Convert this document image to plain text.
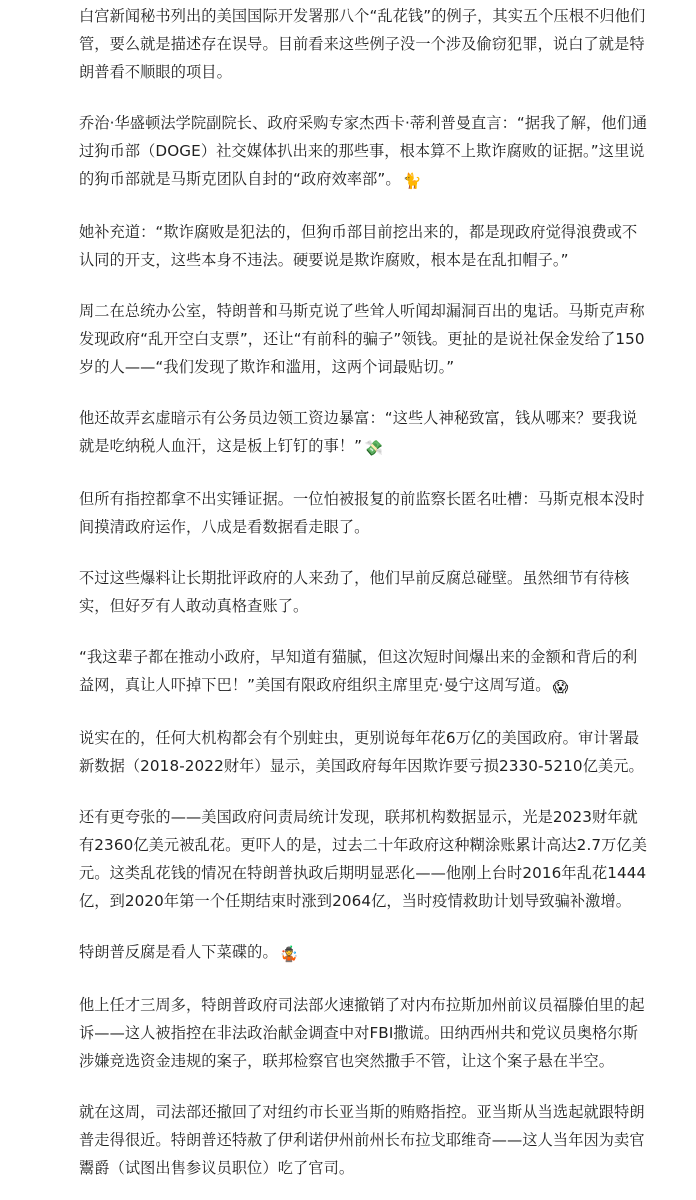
白宫新闻秘书列出的美国国际开发署那八个“乱花钱”的例子，其实五个压根不归他们管，要么就是描述存在误导。目前看来这些例子没一个涉及偷窃犯罪，说白了就是特朗普看不顺眼的项目。

乔治·华盛顿法学院副院长、政府采购专家杰西卡·蒂利普曼直言：“据我了解，他们通过狗币部（DOGE）社交媒体扒出来的那些事，根本算不上欺诈腐败的证据。”这里说的狗币部就是马斯克团队自封的“政府效率部”。 🐈

她补充道：“欺诈腐败是犯法的，但狗币部目前挖出来的，都是现政府觉得浪费或不认同的开支，这些本身不违法。硬要说是欺诈腐败，根本是在乱扣帽子。”

周二在总统办公室，特朗普和马斯克说了些耸人听闻却漏洞百出的鬼话。马斯克声称发现政府“乱开空白支票”，还让“有前科的骗子”领钱。更扯的是说社保金发给了150岁的人——“我们发现了欺诈和滥用，这两个词最贴切。”

他还故弄玄虚暗示有公务员边领工资边暴富：“这些人神秘致富，钱从哪来？要我说就是吃纳税人血汗，这是板上钉钉的事！” 💸

但所有指控都拿不出实锤证据。一位怕被报复的前监察长匿名吐槽：马斯克根本没时间摸清政府运作，八成是看数据看走眼了。

不过这些爆料让长期批评政府的人来劲了，他们早前反腐总碰壁。虽然细节有待核实，但好歹有人敢动真格查账了。

“我这辈子都在推动小政府，早知道有猫腻，但这次短时间爆出来的金额和背后的利益网，真让人吓掉下巴！”美国有限政府组织主席里克·曼宁这周写道。 😱

说实在的，任何大机构都会有个别蛀虫，更别说每年花6万亿的美国政府。审计署最新数据（2018-2022财年）显示，美国政府每年因欺诈要亏损2330-5210亿美元。

还有更夸张的——美国政府问责局统计发现，联邦机构数据显示，光是2023财年就有2360亿美元被乱花。更吓人的是，过去二十年政府这种糊涂账累计高达2.7万亿美元。这类乱花钱的情况在特朗普执政后期明显恶化——他刚上台时2016年乱花1444亿，到2020年第一个任期结束时涨到2064亿，当时疫情救助计划导致骗补激增。

特朗普反腐是看人下菜碟的。 🤹

他上任才三周多，特朗普政府司法部火速撤销了对内布拉斯加州前议员福滕伯里的起诉——这人被指控在非法政治献金调查中对FBI撒谎。田纳西州共和党议员奥格尔斯涉嫌竞选资金违规的案子，联邦检察官也突然撒手不管，让这个案子悬在半空。

就在这周，司法部还撤回了对纽约市长亚当斯的贿赂指控。亚当斯从当选起就跟特朗普走得很近。特朗普还特赦了伊利诺伊州前州长布拉戈耶维奇——这人当年因为卖官鬻爵（试图出售参议员职位）吃了官司。
